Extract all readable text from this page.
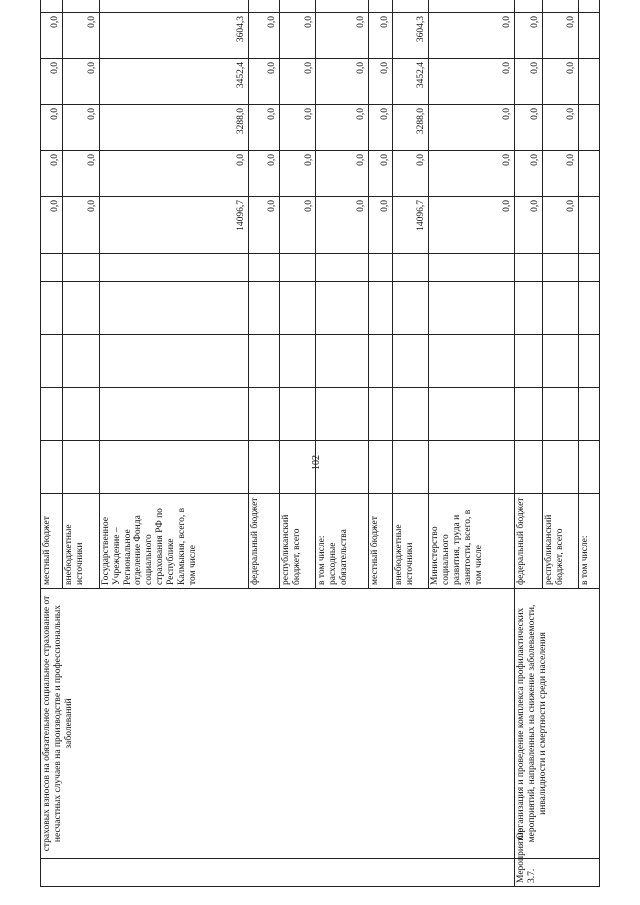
102
	страховых взносов на обязательное социальное страхование от несчастных случаев на производстве и профессиональных заболеваний	местный бюджет						0,0	0,0	0,0	0,0	0,0		
		внебюджетные источники						0,0	0,0	0,0	0,0	0,0		
		Государственное Учреждение – Региональное отделение Фонда социального страхования РФ по Республике Калмыкия, всего, в том числе						14096,7	0,0	3288,0	3452,4	3604,3		
		федеральный бюджет						0,0	0,0	0,0	0,0	0,0		
		республиканский бюджет, всего						0,0	0,0	0,0	0,0	0,0		
		в том числе: расходные обязательства						0,0	0,0	0,0	0,0	0,0		
		местный бюджет						0,0	0,0	0,0	0,0	0,0		
		внебюджетные источники						14096,7	0,0	3288,0	3452,4	3604,3		
		Министерство социального развития, труда и занятости, всего, в том числе						0,0	0,0	0,0	0,0	0,0		
Мероприятие 3.7.	Организация и проведение комплекса профилактических мероприятий, направленных на снижение заболеваемости, инвалидности и смертности среди населения	федеральный бюджет						0,0	0,0	0,0	0,0	0,0		
		республиканский бюджет, всего						0,0	0,0	0,0	0,0	0,0		
		в том числе:												
